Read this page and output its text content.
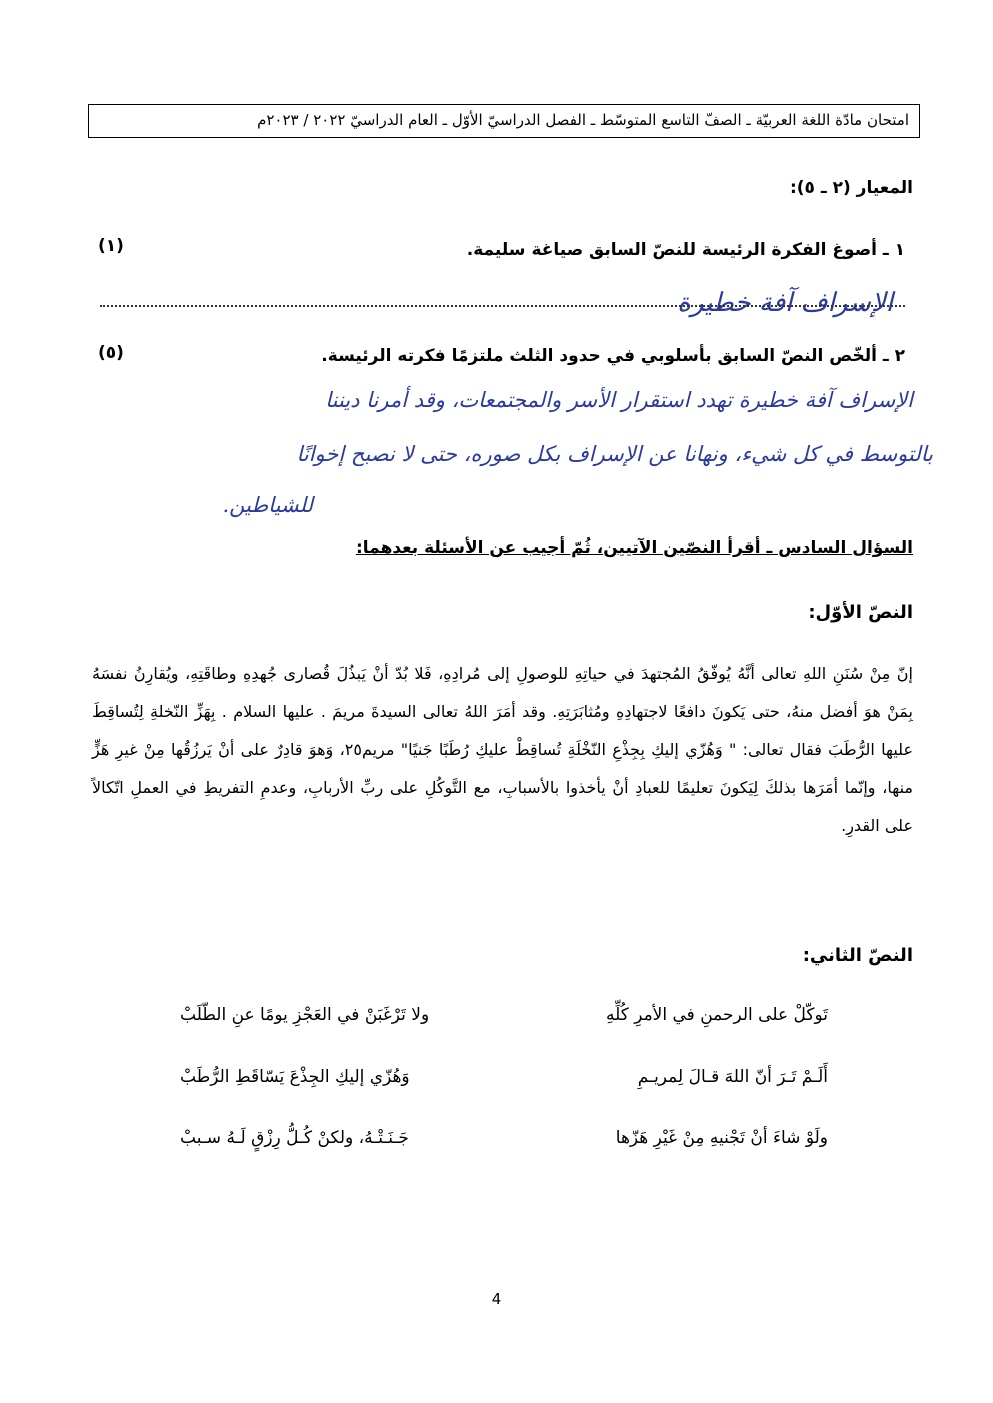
امتحان مادّة اللغة العربيّة ـ الصفّ التاسع المتوسّط ـ الفصل الدراسيّ الأوّل ـ العام الدراسيّ ٢٠٢٢ / ٢٠٢٣م
المعيار (٢ ـ ٥):
١ ـ أصوغ الفكرة الرئيسة للنصّ السابق صياغة سليمة.
(١)
الإسراف آفة خطيرة
٢ ـ ألخّص النصّ السابق بأسلوبي في حدود الثلث ملتزمًا فكرته الرئيسة.
(٥)
الإسراف آفة خطيرة تهدد استقرار الأسر والمجتمعات، وقد أمرنا ديننا
بالتوسط في كل شيء، ونهانا عن الإسراف بكل صوره، حتى لا نصبح إخوانًا
للشياطين.
السؤال السادس ـ أقرأ النصّين الآتيين، ثُمّ أجيب عن الأسئلة بعدهما:
النصّ الأوّل:
إنّ مِنْ سُنَنِ اللهِ تعالى أنَّهُ يُوفّقُ المُجتهدَ في حياتِهِ للوصولِ إلى مُرادِهِ، فَلا بُدّ أنْ يَبذُلَ قُصارى جُهدِهِ وطاقَتِهِ، ويُقارِنُ نفسَهُ بِمَنْ هوَ أفضل منهُ، حتى يَكونَ دافعًا لاجتهادِهِ ومُثابَرَتِهِ. وقد أمَرَ اللهُ تعالى السيدةَ مريمَ . عليها السلام . بِهَزِّ النّخلةِ لِتُساقِطَ عليها الرُّطَبَ فقال تعالى: " وَهُزّي إليكِ بِجِذْعِ النّخْلَةِ تُساقِطْ عليكِ رُطَبًا جَنيًا" مريم٢٥، وَهوَ قادِرٌ على أنْ يَرزُقُها مِنْ غيرِ هَزٍّ منها، وإنّما أمَرَها بذلكَ لِيَكونَ تعليمًا للعبادِ أنْ يأخذوا بالأسبابِ، مع التَّوكُلِ على ربِّ الأربابِ، وعدمِ التفريطِ في العملِ اتّكالاً على القدرِ.
النصّ الثاني:
تَوكّلْ على الرحمنِ في الأمرِ كُلِّهِ
ولا تَرْغَبَنْ في العَجْزِ يومًا عنِ الطّلَبْ
أَلَـمْ تَـرَ أنّ اللهَ قـالَ لِمريـمِ
وَهُزّي إليكِ الجِذْعَ يَسّاقَطِ الرُّطَبْ
ولَوْ شاءَ أنْ تَجْنيهِ مِنْ غَيْرِ هَزّها
جَـنَـتْـهُ، ولكنْ كُـلُّ رِزْقٍ لَـهُ سـببْ
4
